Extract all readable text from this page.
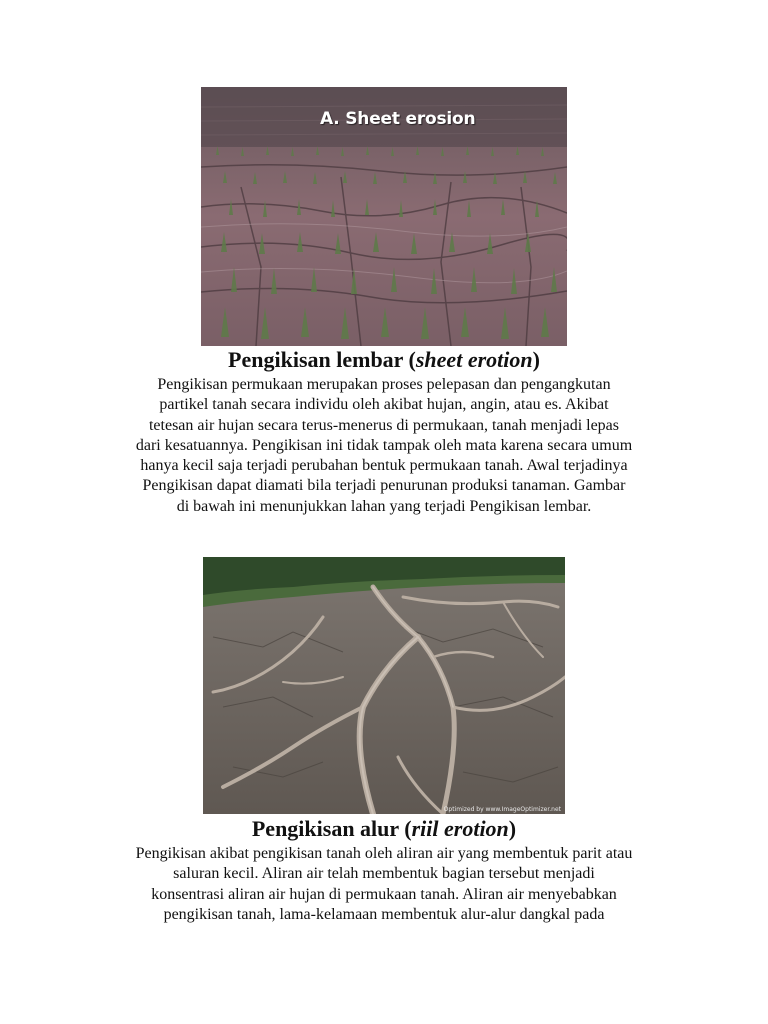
A. Sheet erosion
Pengikisan lembar (sheet erotion)

Pengikisan permukaan merupakan proses pelepasan dan pengangkutan
partikel tanah secara individu oleh akibat hujan, angin, atau es. Akibat
tetesan air hujan secara terus-menerus di permukaan, tanah menjadi lepas
dari kesatuannya. Pengikisan ini tidak tampak oleh mata karena secara umum
hanya kecil saja terjadi perubahan bentuk permukaan tanah. Awal terjadinya
Pengikisan dapat diamati bila terjadi penurunan produksi tanaman. Gambar
di bawah ini menunjukkan lahan yang terjadi Pengikisan lembar.

Optimized by www.ImageOptimizer.net
Pengikisan alur (riil erotion)

Pengikisan akibat pengikisan tanah oleh aliran air yang membentuk parit atau
saluran kecil. Aliran air telah membentuk bagian tersebut menjadi
konsentrasi aliran air hujan di permukaan tanah. Aliran air menyebabkan
pengikisan tanah, lama-kelamaan membentuk alur-alur dangkal pada
